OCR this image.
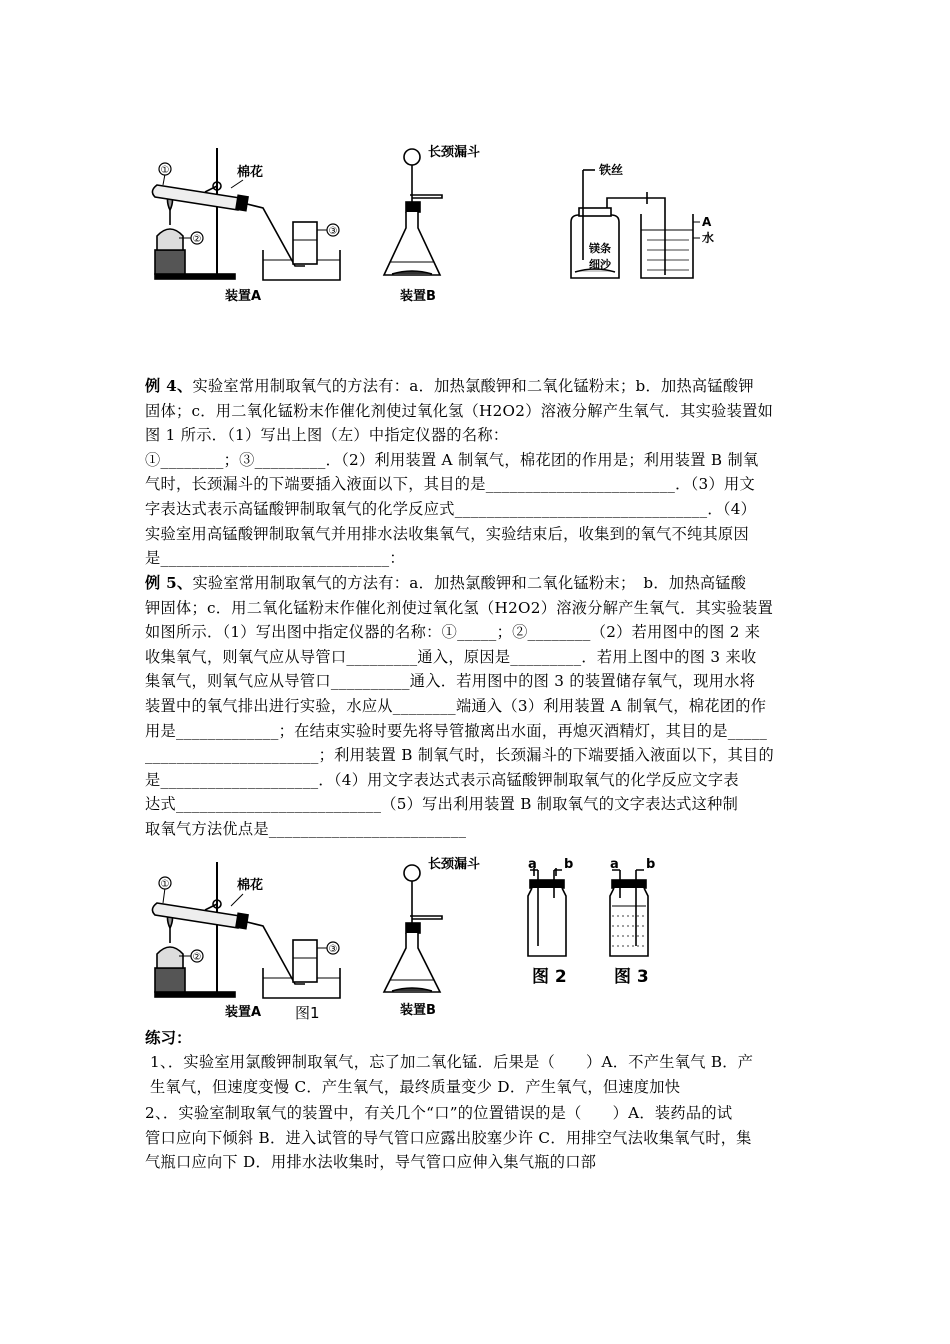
①
②
③
棉花
装置A
长颈漏斗
装置B
铁丝
镁条
细沙
A
水
例 4、实验室常用制取氧气的方法有：a．加热氯酸钾和二氧化锰粉末；b．加热高锰酸钾
固体；c．用二氧化锰粉末作催化剂使过氧化氢（H2O2）溶液分解产生氧气．其实验装置如
图 1 所示．（1）写出上图（左）中指定仪器的名称：
①________；③_________．（2）利用装置 A 制氧气，棉花团的作用是；利用装置 B 制氧
气时，长颈漏斗的下端要插入液面以下，其目的是________________________．（3）用文
字表达式表示高锰酸钾制取氧气的化学反应式________________________________．（4）
实验室用高锰酸钾制取氧气并用排水法收集氧气，实验结束后，收集到的氧气不纯其原因
是_____________________________：
例 5、实验室常用制取氧气的方法有：a．加热氯酸钾和二氧化锰粉末；　b．加热高锰酸
钾固体；c．用二氧化锰粉末作催化剂使过氧化氢（H2O2）溶液分解产生氧气．其实验装置
如图所示．（1）写出图中指定仪器的名称：①_____；②________（2）若用图中的图 2 来
收集氧气，则氧气应从导管口_________通入，原因是_________．若用上图中的图 3 来收
集氧气，则氧气应从导管口__________通入．若用图中的图 3 的装置储存氧气，现用水将
装置中的氧气排出进行实验，水应从________端通入（3）利用装置 A 制氧气，棉花团的作
用是_____________；在结束实验时要先将导管撤离出水面，再熄灭酒精灯，其目的是_____
______________________；利用装置 B 制氧气时，长颈漏斗的下端要插入液面以下，其目的
是____________________．（4）用文字表达式表示高锰酸钾制取氧气的化学反应文字表
达式__________________________（5）写出利用装置 B 制取氧气的文字表达式这种制
取氧气方法优点是_________________________
①
②
③
棉花
装置A 图1
长颈漏斗
装置B
a b	a b
图 2	图 3
练习：
1、．实验室用氯酸钾制取氧气，忘了加二氧化锰．后果是（　　）A．不产生氧气 B．产
生氧气，但速度变慢 C．产生氧气，最终质量变少 D．产生氧气，但速度加快
2、．实验室制取氧气的装置中，有关几个“口”的位置错误的是（　　）A．装药品的试
管口应向下倾斜 B．进入试管的导气管口应露出胶塞少许 C．用排空气法收集氧气时，集
气瓶口应向下 D．用排水法收集时，导气管口应伸入集气瓶的口部
